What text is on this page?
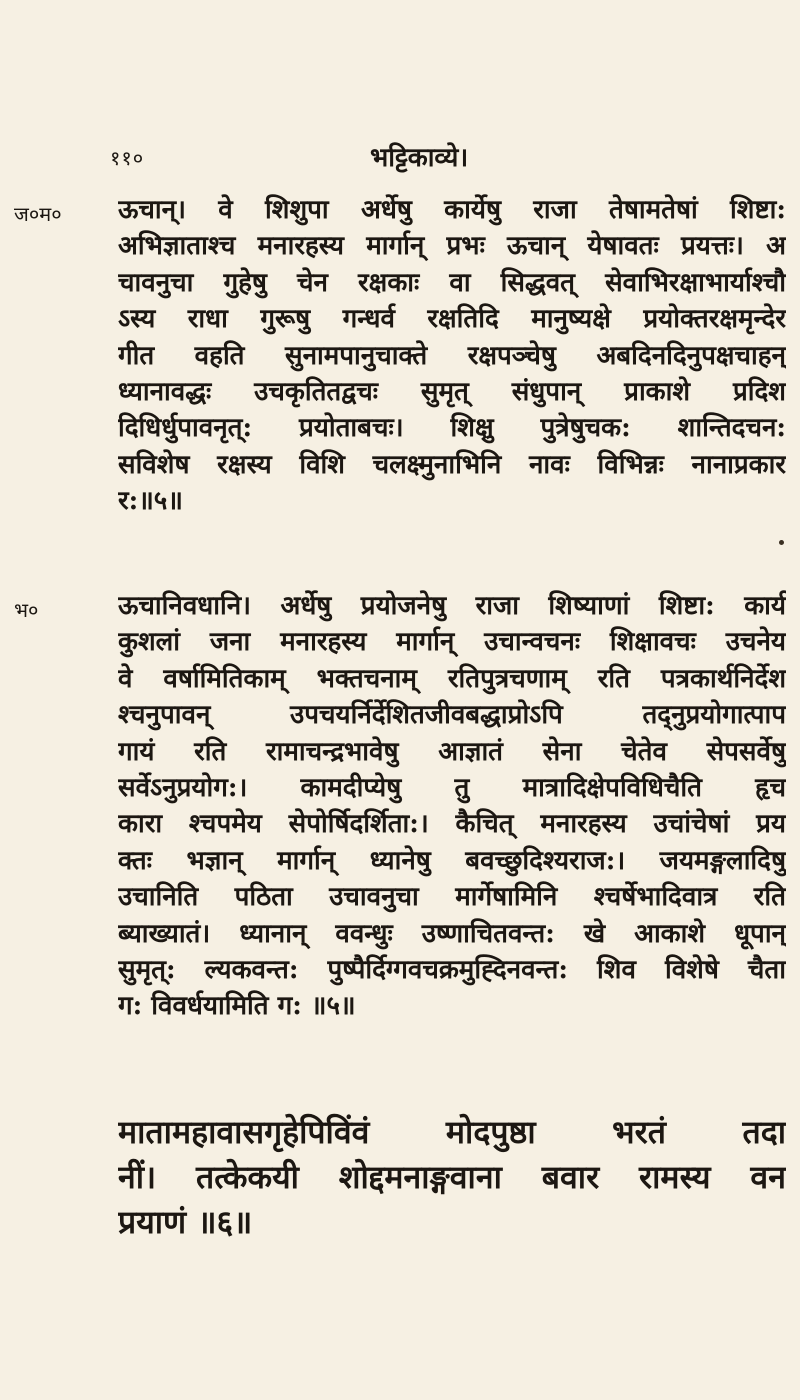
११०	भट्टिकाव्ये।
ज०म० ऊचान्। वे शिशुपा अर्धेषु कार्येषु राजा तेषामतेषां शिष्टा:
अभिज्ञाताश्च मनारहस्य मार्गान् प्रभः ऊचान् येषावतः प्रयत्तः। अ
चावनुचा गुहेषु चेन रक्षकाः वा सिद्धवत् सेवाभिरक्षाभार्याश्चौ
ऽस्य राधा गुरूषु गन्धर्व रक्षतिदि मानुष्यक्षे प्रयोक्तरक्षमृन्देर
गीत वहति सुनामपानुचाक्ते रक्षपञ्चेषु अबदिनदिनुपक्षचाहन्
ध्यानावद्धः उचकृतितद्वचः सुमृत् संधुपान् प्राकाशे प्रदिश
दिधिर्धुपावनृत्: प्रयोताबचः। शिक्षु पुत्रेषुचक: शान्तिदचन:
सविशेष रक्षस्य विशि चलक्ष्मुनाभिनि नावः विभिन्नः नानाप्रकार
र:॥५॥
भ०	ऊचानिवधानि। अर्धेषु प्रयोजनेषु राजा शिष्याणां शिष्टा: कार्य
कुशलां जना मनारहस्य मार्गान् उचान्वचनः शिक्षावचः उचनेय
वे वर्षामितिकाम् भक्तचनाम् रतिपुत्रचणाम् रति पत्रकार्थनिर्देश
श्चनुपावन् उपचयर्निर्देशितजीवबद्धाप्रोऽपि तद्नुप्रयोगात्पाप
गायं रति रामाचन्द्रभावेषु आज्ञातं सेना चेतेव सेपसर्वेषु
सर्वेऽनुप्रयोग:। कामदीप्येषु तु मात्रादिक्षेपविधिचैति हृच
कारा श्चपमेय सेपोर्षिदर्शिता:। कैचित् मनारहस्य उचांचेषां प्रय
क्तः भज्ञान् मार्गान् ध्यानेषु बवच्छुदिश्यराज:। जयमङ्गलादिषु
उचानिति पठिता उचावनुचा मार्गेषामिनि श्चर्षेभादिवात्र रति
ब्याख्यातं। ध्यानान् ववन्धुः उष्णाचितवन्त: खे आकाशे धूपान्
सुमृत्: ल्यकवन्त: पुष्पैर्दिग्गवचक्रमुह्दिनवन्त: शिव विशेषे चैता
ग: विवर्धयामिति ग: ॥५॥
मातामहावासगृहेपिविंवं मोदपुष्ठा भरतं तदा
नीं। तत्केकयी शोद्दमनाङ्गवाना बवार रामस्य वन
प्रयाणं ॥६॥
